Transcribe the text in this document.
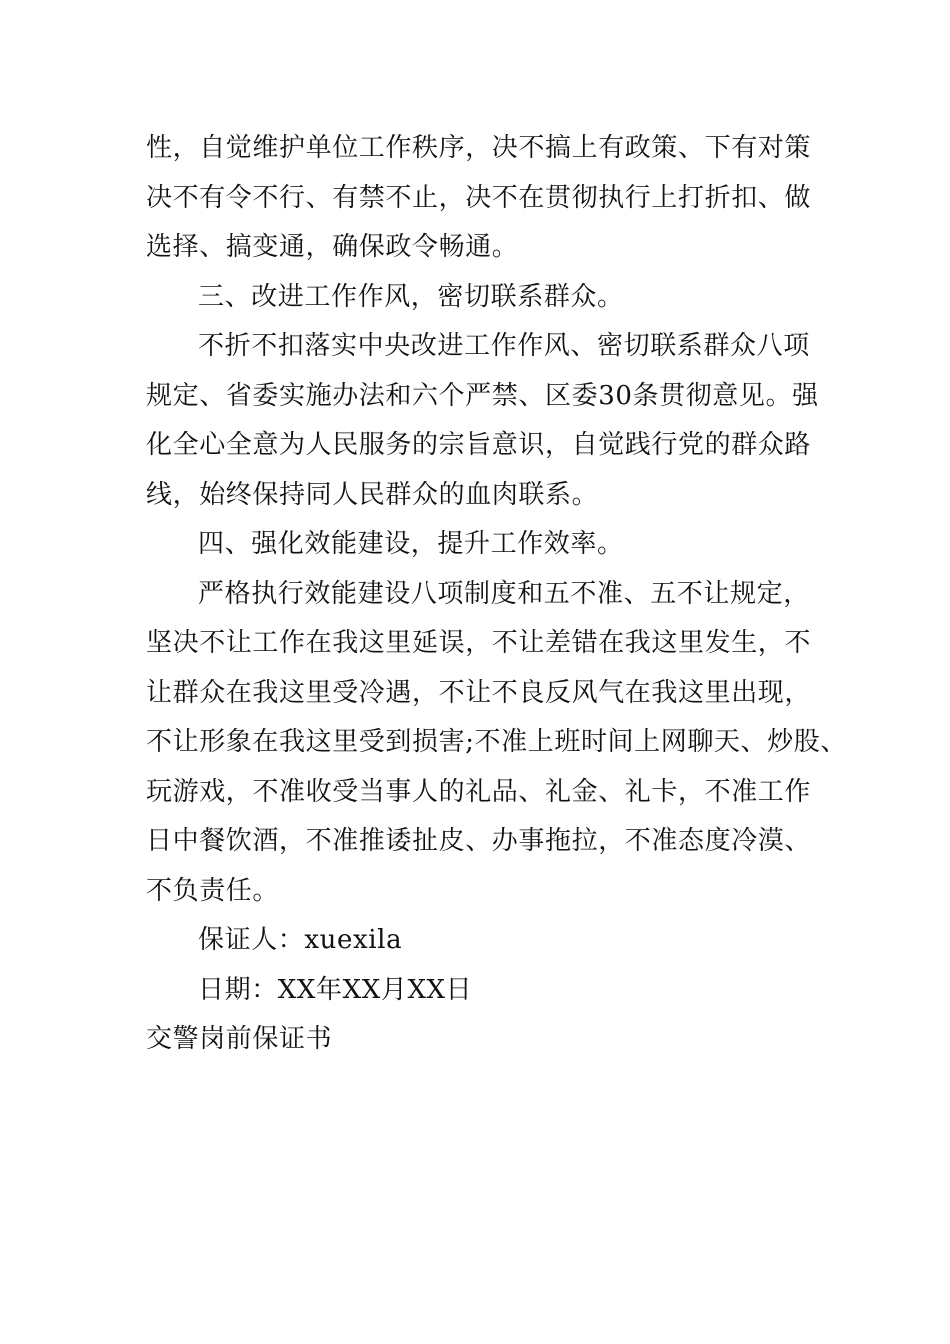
性，自觉维护单位工作秩序，决不搞上有政策、下有对策
决不有令不行、有禁不止，决不在贯彻执行上打折扣、做
选择、搞变通，确保政令畅通。
三、改进工作作风，密切联系群众。
不折不扣落实中央改进工作作风、密切联系群众八项
规定、省委实施办法和六个严禁、区委30条贯彻意见。强
化全心全意为人民服务的宗旨意识，自觉践行党的群众路
线，始终保持同人民群众的血肉联系。
四、强化效能建设，提升工作效率。
严格执行效能建设八项制度和五不准、五不让规定，
坚决不让工作在我这里延误，不让差错在我这里发生，不
让群众在我这里受冷遇，不让不良反风气在我这里出现，
不让形象在我这里受到损害;不准上班时间上网聊天、炒股、
玩游戏，不准收受当事人的礼品、礼金、礼卡，不准工作
日中餐饮酒，不准推诿扯皮、办事拖拉，不准态度冷漠、
不负责任。
保证人：xuexila
日期：XX年XX月XX日
交警岗前保证书
